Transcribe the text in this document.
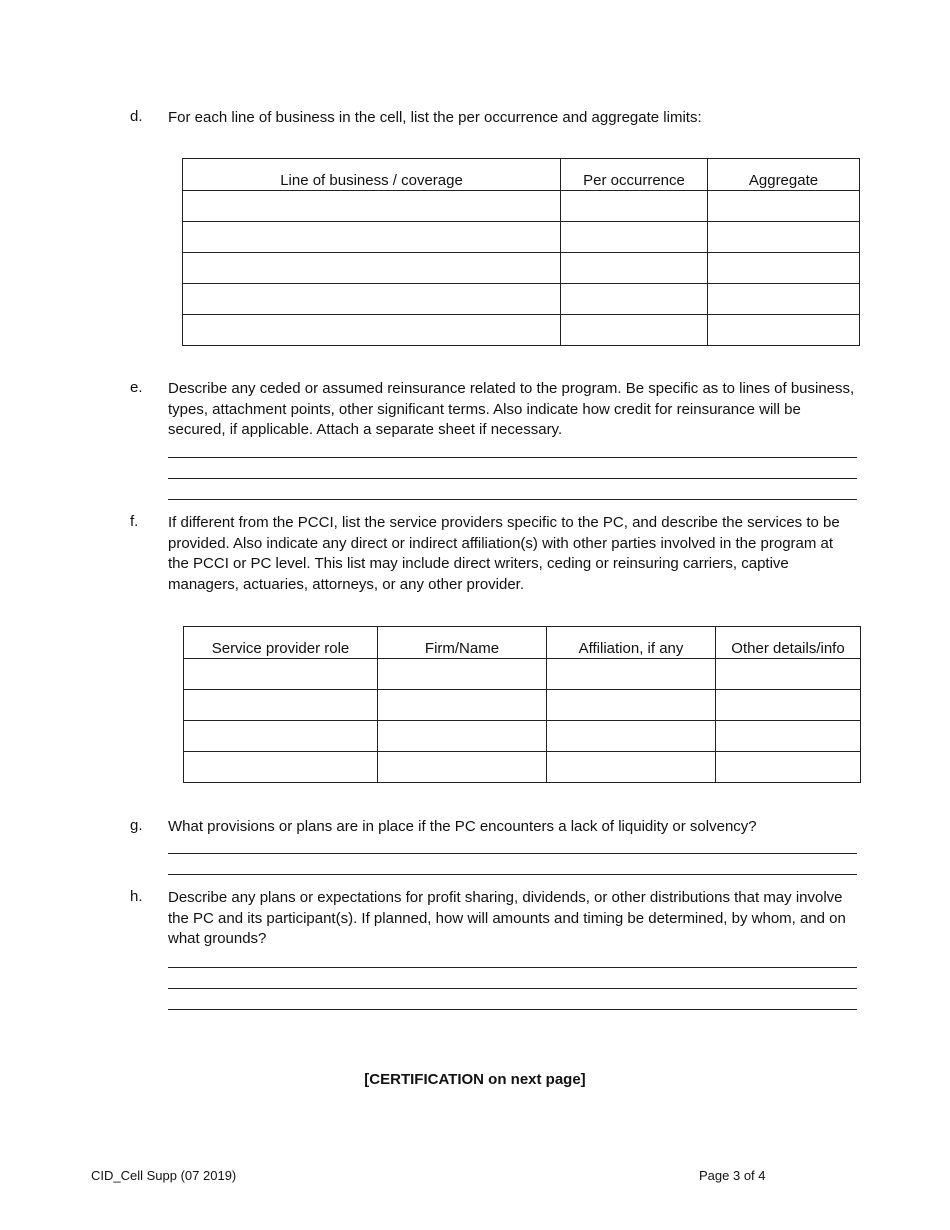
d. For each line of business in the cell, list the per occurrence and aggregate limits:
Line of business / coverage	Per occurrence	Aggregate

e. Describe any ceded or assumed reinsurance related to the program. Be specific as to lines of business, types, attachment points, other significant terms. Also indicate how credit for reinsurance will be secured, if applicable. Attach a separate sheet if necessary.
f. If different from the PCCI, list the service providers specific to the PC, and describe the services to be provided. Also indicate any direct or indirect affiliation(s) with other parties involved in the program at the PCCI or PC level. This list may include direct writers, ceding or reinsuring carriers, captive managers, actuaries, attorneys, or any other provider.
Service provider role	Firm/Name	Affiliation, if any	Other details/info

g. What provisions or plans are in place if the PC encounters a lack of liquidity or solvency?
h. Describe any plans or expectations for profit sharing, dividends, or other distributions that may involve the PC and its participant(s). If planned, how will amounts and timing be determined, by whom, and on what grounds?
[CERTIFICATION on next page]
CID_Cell Supp (07 2019)	Page 3 of 4
